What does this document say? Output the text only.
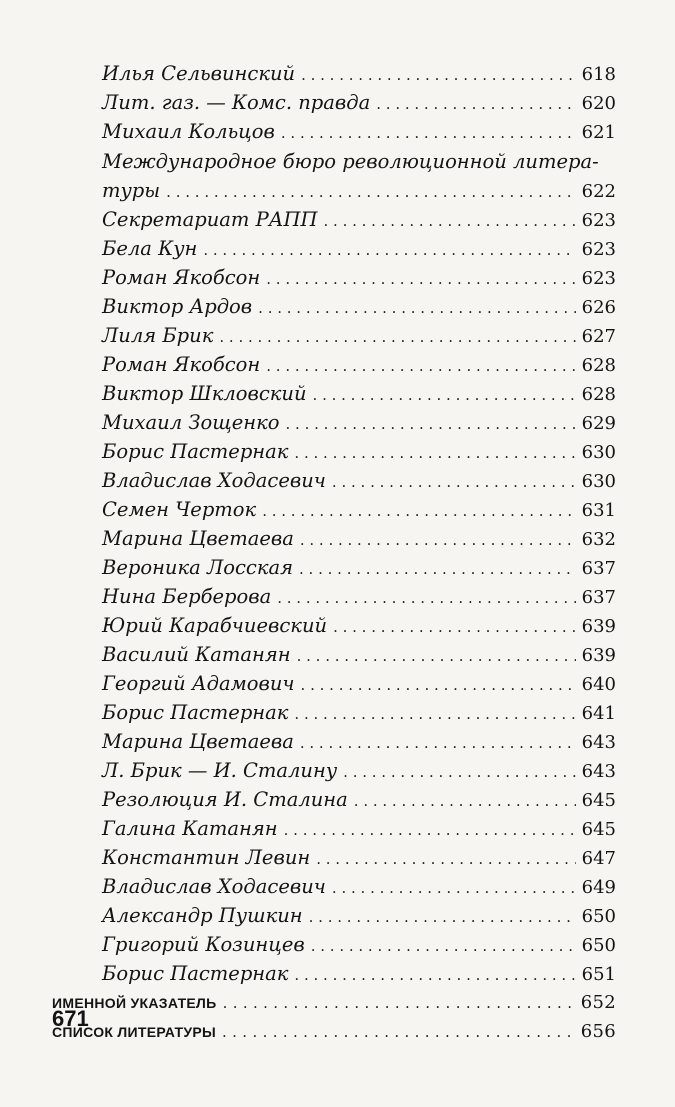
Илья Сельвинский . . .	618
Лит. газ. — Комс. правда . . .	620
Михаил Кольцов . . .	621
Международное бюро революционной литера-
туры . . .	622
Секретариат РАПП . . .	623
Бела Кун . . .	623
Роман Якобсон . . .	623
Виктор Ардов . . .	626
Лиля Брик . . .	627
Роман Якобсон . . .	628
Виктор Шкловский . . .	628
Михаил Зощенко . . .	629
Борис Пастернак . . .	630
Владислав Ходасевич . . .	630
Семен Черток . . .	631
Марина Цветаева . . .	632
Вероника Лосская . . .	637
Нина Берберова . . .	637
Юрий Карабчиевский . . .	639
Василий Катанян . . .	639
Георгий Адамович . . .	640
Борис Пастернак . . .	641
Марина Цветаева . . .	643
Л. Брик — И. Сталину . . .	643
Резолюция И. Сталина . . .	645
Галина Катанян . . .	645
Константин Левин . . .	647
Владислав Ходасевич . . .	649
Александр Пушкин . . .	650
Григорий Козинцев . . .	650
Борис Пастернак . . .	651
ИМЕННОЙ УКАЗАТЕЛЬ . . .	652
СПИСОК ЛИТЕРАТУРЫ . . .	656
671
